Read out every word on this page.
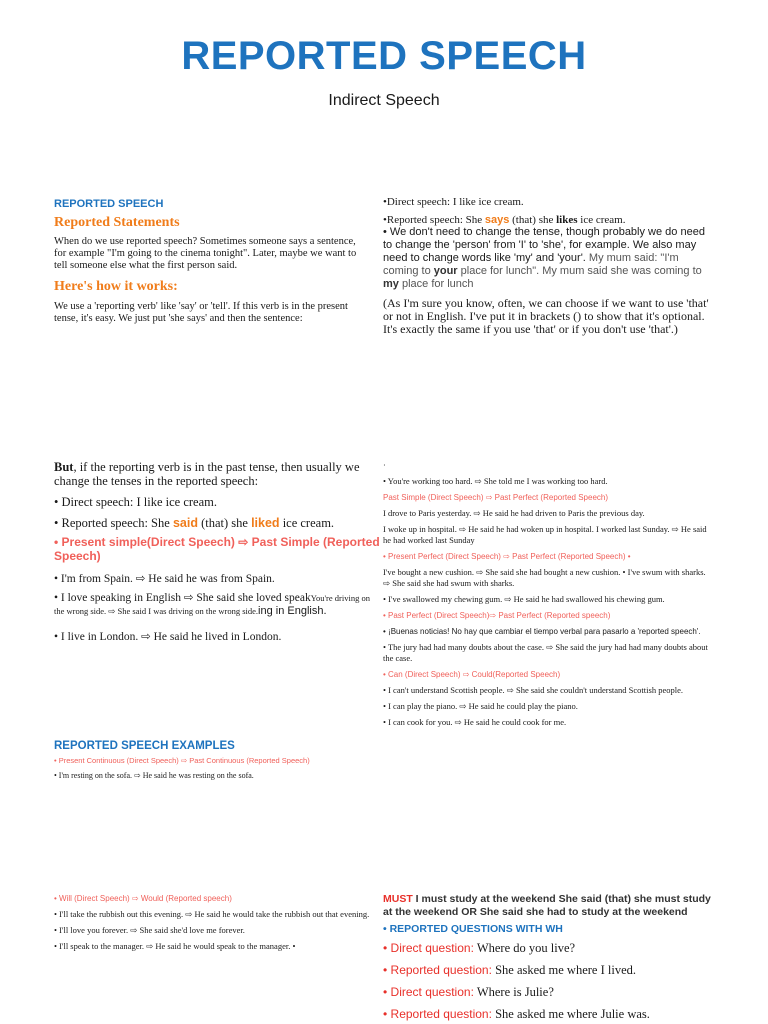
REPORTED SPEECH
Indirect Speech

REPORTED SPEECH

Reported Statements

When do we use reported speech? Sometimes someone says a sentence, for example "I'm going to the cinema tonight". Later, maybe we want to tell someone else what the first person said.

Here's how it works:

We use a 'reporting verb' like 'say' or 'tell'. If this verb is in the present tense, it's easy. We just put 'she says' and then the sentence:

•Direct speech: I like ice cream.

•Reported speech: She says (that) she likes ice cream.

• We don't need to change the tense, though probably we do need to change the 'person' from 'I' to 'she', for example. We also may need to change words like 'my' and 'your'. My mum said: "I'm coming to your place for lunch". My mum said she was coming to my place for lunch

(As I'm sure you know, often, we can choose if we want to use 'that' or not in English. I've put it in brackets () to show that it's optional. It's exactly the same if you use 'that' or if you don't use 'that'.)

But, if the reporting verb is in the past tense, then usually we change the tenses in the reported speech:

• Direct speech: I like ice cream.

• Reported speech: She said (that) she liked ice cream.

• Present simple(Direct Speech) ⇨ Past Simple (Reported Speech)

• I'm from Spain. ⇨ He said he was from Spain.

• I love speaking in English ⇨ She said she loved speakYou're driving on the wrong side. ⇨ She said I was driving on the wrong side.ing in English.

• I live in London. ⇨ He said he lived in London.

·

• You're working too hard. ⇨ She told me I was working too hard.

Past Simple (Direct Speech) ⇨ Past Perfect (Reported Speech)

I drove to Paris yesterday. ⇨ He said he had driven to Paris the previous day.

I woke up in hospital. ⇨ He said he had woken up in hospital. I worked last Sunday. ⇨ He said he had worked last Sunday

• Present Perfect (Direct Speech) ⇨ Past Perfect (Reported Speech) •

I've bought a new cushion. ⇨ She said she had bought a new cushion. • I've swum with sharks. ⇨ She said she had swum with sharks.

• I've swallowed my chewing gum. ⇨ He said he had swallowed his chewing gum.

• Past Perfect (Direct Speech)⇨ Past Perfect (Reported speech)

• ¡Buenas noticias! No hay que cambiar el tiempo verbal para pasarlo a 'reported speech'.

• The jury had had many doubts about the case. ⇨ She said the jury had had many doubts about the case.

• Can (Direct Speech) ⇨ Could(Reported Speech)

• I can't understand Scottish people. ⇨ She said she couldn't understand Scottish people.

• I can play the piano. ⇨ He said he could play the piano.

• I can cook for you. ⇨ He said he could cook for me.

REPORTED SPEECH EXAMPLES

• Present Continuous (Direct Speech) ⇨ Past Continuous (Reported Speech)

• I'm resting on the sofa. ⇨ He said he was resting on the sofa.

• Will (Direct Speech) ⇨ Would (Reported speech)

• I'll take the rubbish out this evening. ⇨ He said he would take the rubbish out that evening.

• I'll love you forever. ⇨ She said she'd love me forever.

• I'll speak to the manager. ⇨ He said he would speak to the manager. •

MUST I must study at the weekend She said (that) she must study at the weekend OR She said she had to study at the weekend

• REPORTED QUESTIONS WITH WH

• Direct question: Where do you live?

• Reported question: She asked me where I lived.

• Direct question: Where is Julie?

• Reported question: She asked me where Julie was.
